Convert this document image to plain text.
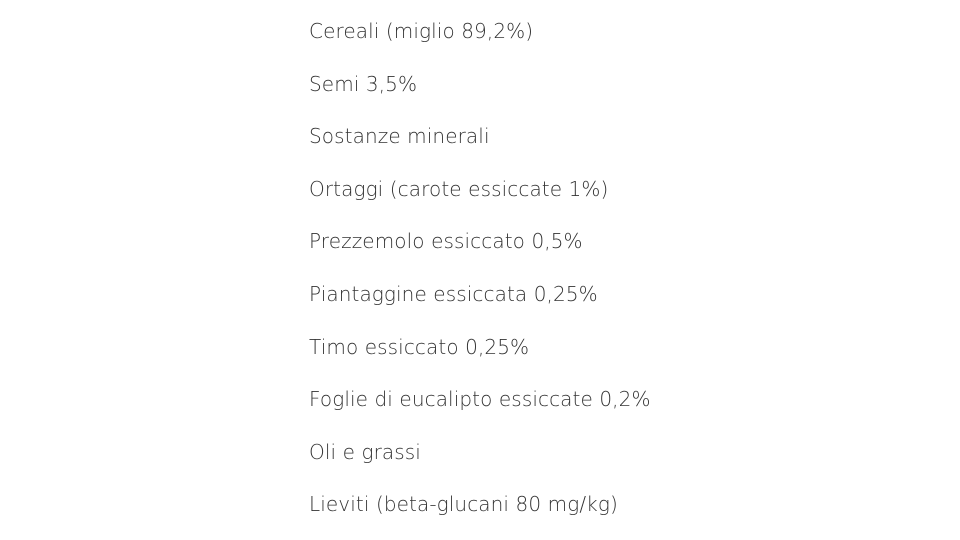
Cereali (miglio 89,2%)
Semi 3,5%
Sostanze minerali
Ortaggi (carote essiccate 1%)
Prezzemolo essiccato 0,5%
Piantaggine essiccata 0,25%
Timo essiccato 0,25%
Foglie di eucalipto essiccate 0,2%
Oli e grassi
Lieviti (beta-glucani 80 mg/kg)
